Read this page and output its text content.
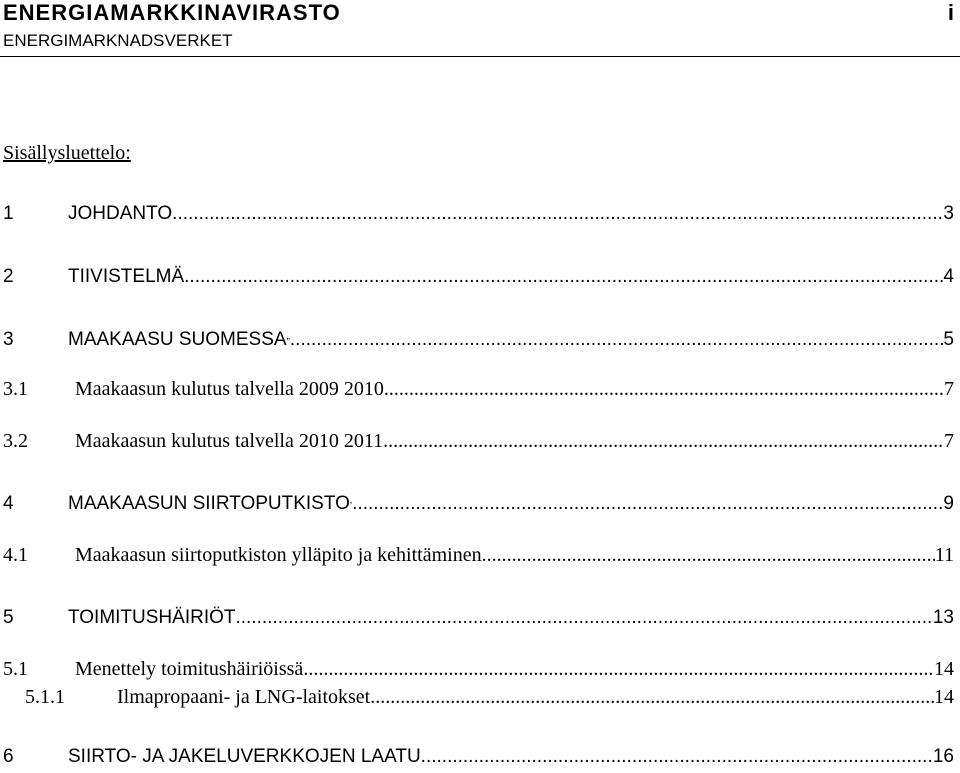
ENERGIAMARKKINAVIRASTO	i
ENERGIMARKNADSVERKET
Sisällysluettelo:
1	JOHDANTO .....	3
2	TIIVISTELMÄ .....	4
3	MAAKAASU SUOMESSA ” .....	5
3.1	Maakaasun kulutus talvella 2009 2010 .....	7
3.2	Maakaasun kulutus talvella 2010 2011 .....	7
4	MAAKAASUN SIIRTOPUTKISTO ’ .....	9
4.1	Maakaasun siirtoputkiston ylläpito ja kehittäminen .....	11
5	TOIMITUSHÄIRIÖT .....	13
5.1	Menettely toimitushäiriöissä .....	14
5.1.1	Ilmapropaani- ja LNG-laitokset .....	14
6	SIIRTO- JA JAKELUVERKKOJEN LAATU .....	16
